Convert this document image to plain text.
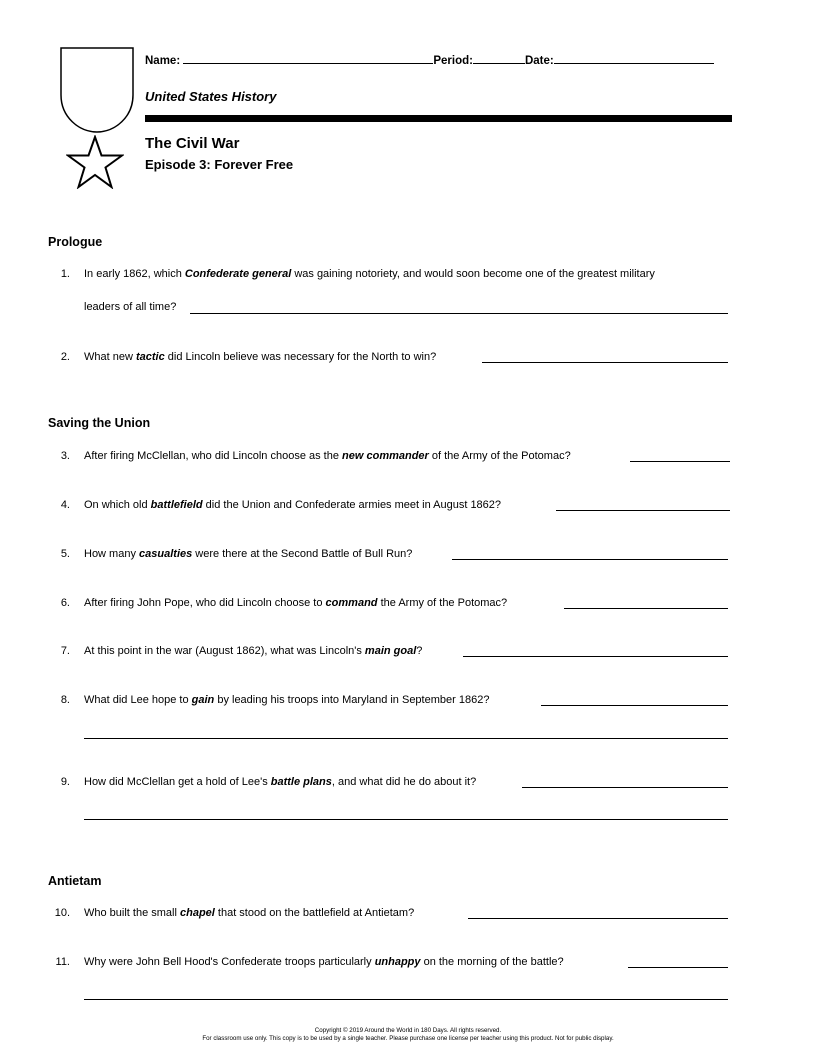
Name:	Period:	Date:
United States History
The Civil War
Episode 3: Forever Free
Prologue
1. In early 1862, which Confederate general was gaining notoriety, and would soon become one of the greatest military
leaders of all time?
2. What new tactic did Lincoln believe was necessary for the North to win?
Saving the Union
3. After firing McClellan, who did Lincoln choose as the new commander of the Army of the Potomac?
4. On which old battlefield did the Union and Confederate armies meet in August 1862?
5. How many casualties were there at the Second Battle of Bull Run?
6. After firing John Pope, who did Lincoln choose to command the Army of the Potomac?
7. At this point in the war (August 1862), what was Lincoln's main goal?
8. What did Lee hope to gain by leading his troops into Maryland in September 1862?
9. How did McClellan get a hold of Lee's battle plans, and what did he do about it?
Antietam
10. Who built the small chapel that stood on the battlefield at Antietam?
11. Why were John Bell Hood's Confederate troops particularly unhappy on the morning of the battle?
Copyright © 2019 Around the World in 180 Days. All rights reserved.
For classroom use only. This copy is to be used by a single teacher. Please purchase one license per teacher using this product. Not for public display.
